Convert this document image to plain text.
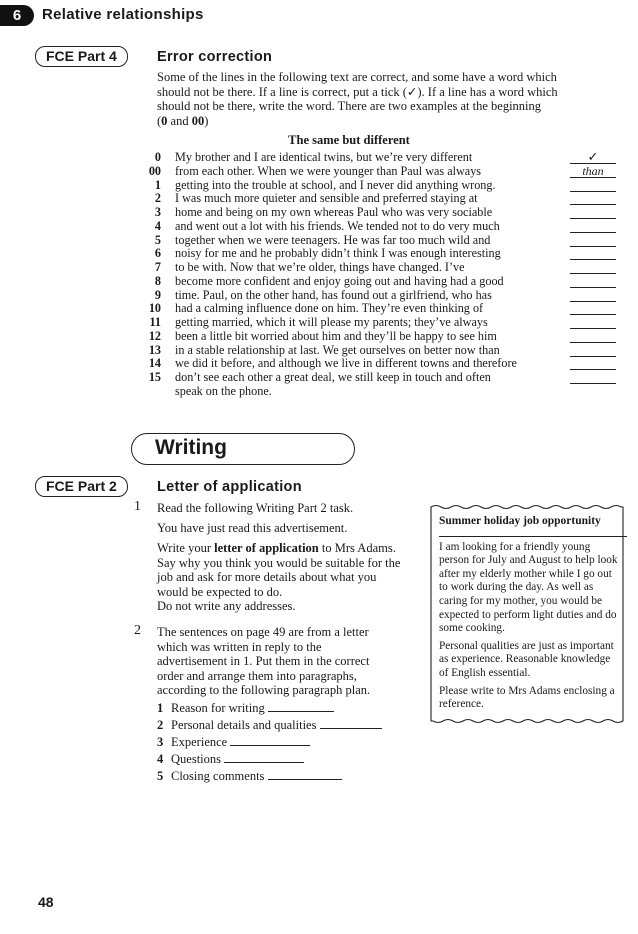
6	Relative relationships
FCE Part 4	Error correction
Some of the lines in the following text are correct, and some have a word which
should not be there. If a line is correct, put a tick (✓). If a line has a word which
should not be there, write the word. There are two examples at the beginning
(0 and 00)
The same but different
0 My brother and I are identical twins, but we’re very different	✓
00 from each other. When we were younger than Paul was always	than
1 getting into the trouble at school, and I never did anything wrong.
2 I was much more quieter and sensible and preferred staying at
3 home and being on my own whereas Paul who was very sociable
4 and went out a lot with his friends. We tended not to do very much
5 together when we were teenagers. He was far too much wild and
6 noisy for me and he probably didn’t think I was enough interesting
7 to be with. Now that we’re older, things have changed. I’ve
8 become more confident and enjoy going out and having had a good
9 time. Paul, on the other hand, has found out a girlfriend, who has
10 had a calming influence done on him. They’re even thinking of
11 getting married, which it will please my parents; they’ve always
12 been a little bit worried about him and they’ll be happy to see him
13 in a stable relationship at last. We get ourselves on better now than
14 we did it before, and although we live in different towns and therefore
15 don’t see each other a great deal, we still keep in touch and often
speak on the phone.
Writing
FCE Part 2	Letter of application
1 Read the following Writing Part 2 task.
You have just read this advertisement.
Write your letter of application to Mrs Adams.
Say why you think you would be suitable for the
job and ask for more details about what you
would be expected to do.
Do not write any addresses.
2 The sentences on page 49 are from a letter
which was written in reply to the
advertisement in 1. Put them in the correct
order and arrange them into paragraphs,
according to the following paragraph plan.
1 Reason for writing
2 Personal details and qualities
3 Experience
4 Questions
5 Closing comments
Summer holiday job opportunity
I am looking for a friendly young
person for July and August to help look
after my elderly mother while I go out
to work during the day. As well as
caring for my mother, you would be
expected to perform light duties and do
some cooking.
Personal qualities are just as important
as experience. Reasonable knowledge
of English essential.
Please write to Mrs Adams enclosing a
reference.
48
